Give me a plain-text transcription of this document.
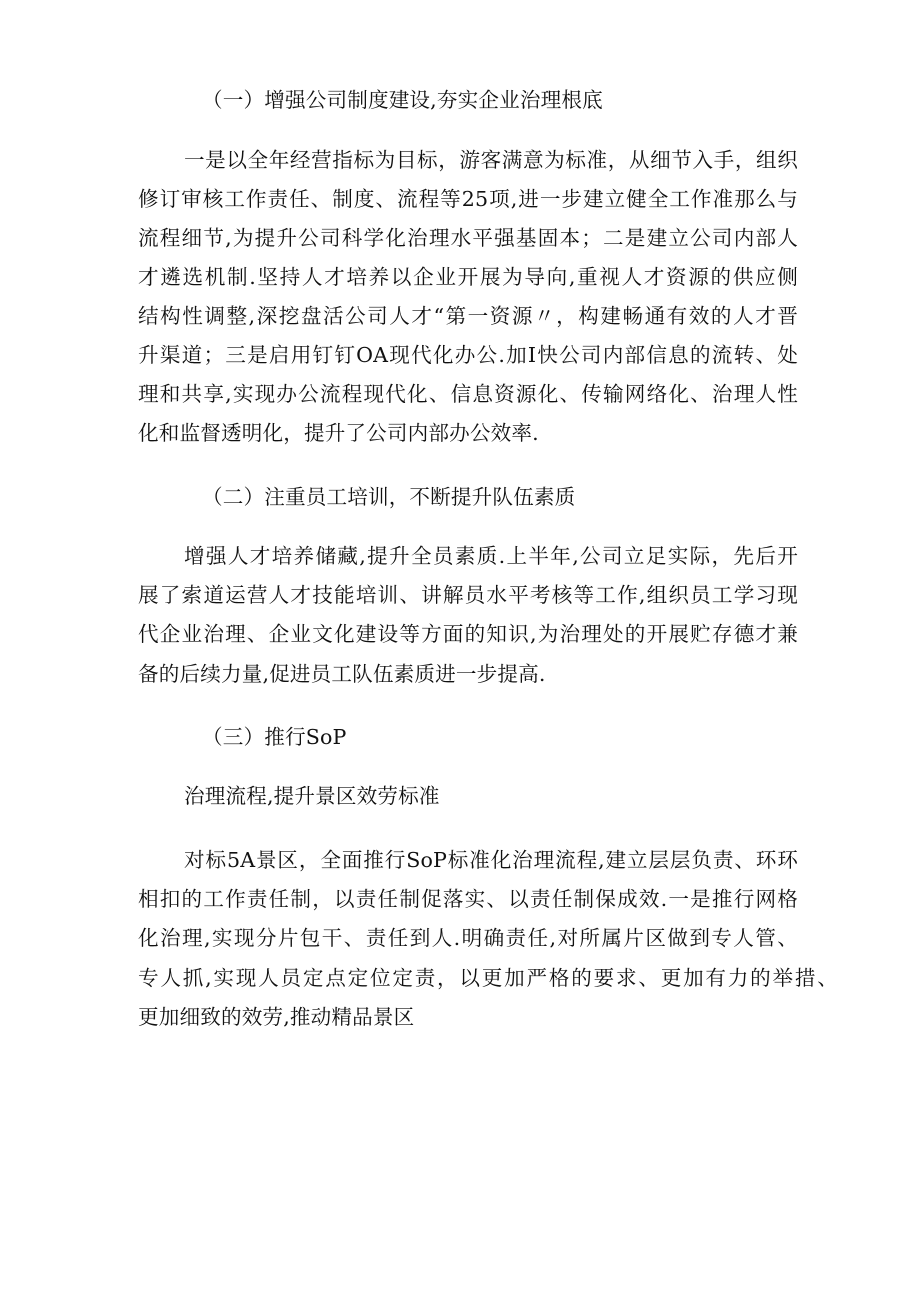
（一）增强公司制度建设,夯实企业治理根底
一是以全年经营指标为目标，游客满意为标准，从细节入手，组织
修订审核工作责任、制度、流程等25项,进一步建立健全工作准那么与
流程细节,为提升公司科学化治理水平强基固本；二是建立公司内部人
才遴选机制.坚持人才培养以企业开展为导向,重视人才资源的供应侧
结构性调整,深挖盘活公司人才“第一资源〃，构建畅通有效的人才晋
升渠道；三是启用钉钉OA现代化办公.加I快公司内部信息的流转、处
理和共享,实现办公流程现代化、信息资源化、传输网络化、治理人性
化和监督透明化，提升了公司内部办公效率.
（二）注重员工培训，不断提升队伍素质
增强人才培养储藏,提升全员素质.上半年,公司立足实际，先后开
展了索道运营人才技能培训、讲解员水平考核等工作,组织员工学习现
代企业治理、企业文化建设等方面的知识,为治理处的开展贮存德才兼
备的后续力量,促进员工队伍素质进一步提高.
（三）推行SoP
治理流程,提升景区效劳标准
对标5A景区，全面推行SoP标准化治理流程,建立层层负责、环环
相扣的工作责任制，以责任制促落实、以责任制保成效.一是推行网格
化治理,实现分片包干、责任到人.明确责任,对所属片区做到专人管、
专人抓,实现人员定点定位定责，以更加严格的要求、更加有力的举措、
更加细致的效劳,推动精品景区
